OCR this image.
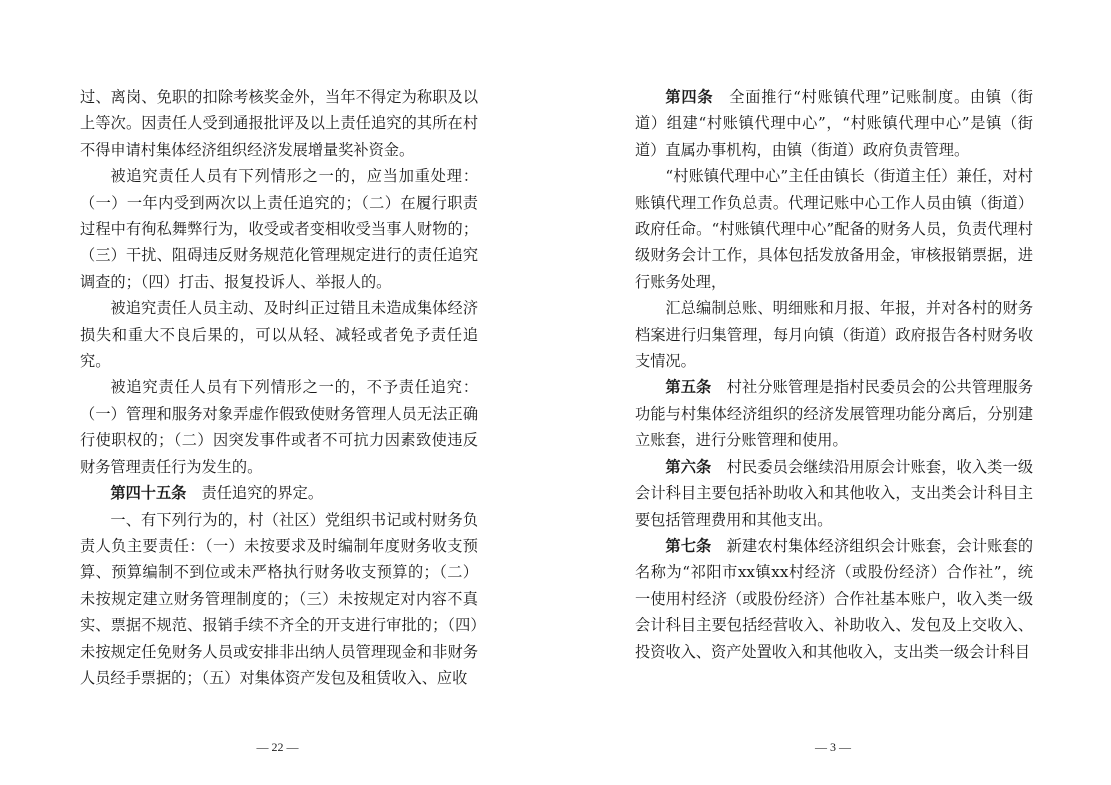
过、离岗、免职的扣除考核奖金外，当年不得定为称职及以上等次。因责任人受到通报批评及以上责任追究的其所在村不得申请村集体经济组织经济发展增量奖补资金。

被追究责任人员有下列情形之一的，应当加重处理：（一）一年内受到两次以上责任追究的；（二）在履行职责过程中有徇私舞弊行为，收受或者变相收受当事人财物的；（三）干扰、阻碍违反财务规范化管理规定进行的责任追究调查的；（四）打击、报复投诉人、举报人的。

被追究责任人员主动、及时纠正过错且未造成集体经济损失和重大不良后果的，可以从轻、减轻或者免予责任追究。

被追究责任人员有下列情形之一的，不予责任追究：（一）管理和服务对象弄虚作假致使财务管理人员无法正确行使职权的；（二）因突发事件或者不可抗力因素致使违反财务管理责任行为发生的。

第四十五条　责任追究的界定。

一、有下列行为的，村（社区）党组织书记或村财务负责人负主要责任：（一）未按要求及时编制年度财务收支预算、预算编制不到位或未严格执行财务收支预算的；（二）未按规定建立财务管理制度的；（三）未按规定对内容不真实、票据不规范、报销手续不齐全的开支进行审批的；（四）未按规定任免财务人员或安排非出纳人员管理现金和非财务人员经手票据的；（五）对集体资产发包及租赁收入、应收

— 22 —

第四条　全面推行“村账镇代理”记账制度。由镇（街道）组建“村账镇代理中心”，“村账镇代理中心”是镇（街道）直属办事机构，由镇（街道）政府负责管理。

“村账镇代理中心”主任由镇长（街道主任）兼任，对村账镇代理工作负总责。代理记账中心工作人员由镇（街道）政府任命。“村账镇代理中心”配备的财务人员，负责代理村级财务会计工作，具体包括发放备用金，审核报销票据，进行账务处理，

汇总编制总账、明细账和月报、年报，并对各村的财务档案进行归集管理，每月向镇（街道）政府报告各村财务收支情况。

第五条　村社分账管理是指村民委员会的公共管理服务功能与村集体经济组织的经济发展管理功能分离后，分别建立账套，进行分账管理和使用。

第六条　村民委员会继续沿用原会计账套，收入类一级会计科目主要包括补助收入和其他收入，支出类会计科目主要包括管理费用和其他支出。

第七条　新建农村集体经济组织会计账套，会计账套的名称为“祁阳市xx镇xx村经济（或股份经济）合作社”，统一使用村经济（或股份经济）合作社基本账户，收入类一级会计科目主要包括经营收入、补助收入、发包及上交收入、投资收入、资产处置收入和其他收入，支出类一级会计科目

— 3 —
